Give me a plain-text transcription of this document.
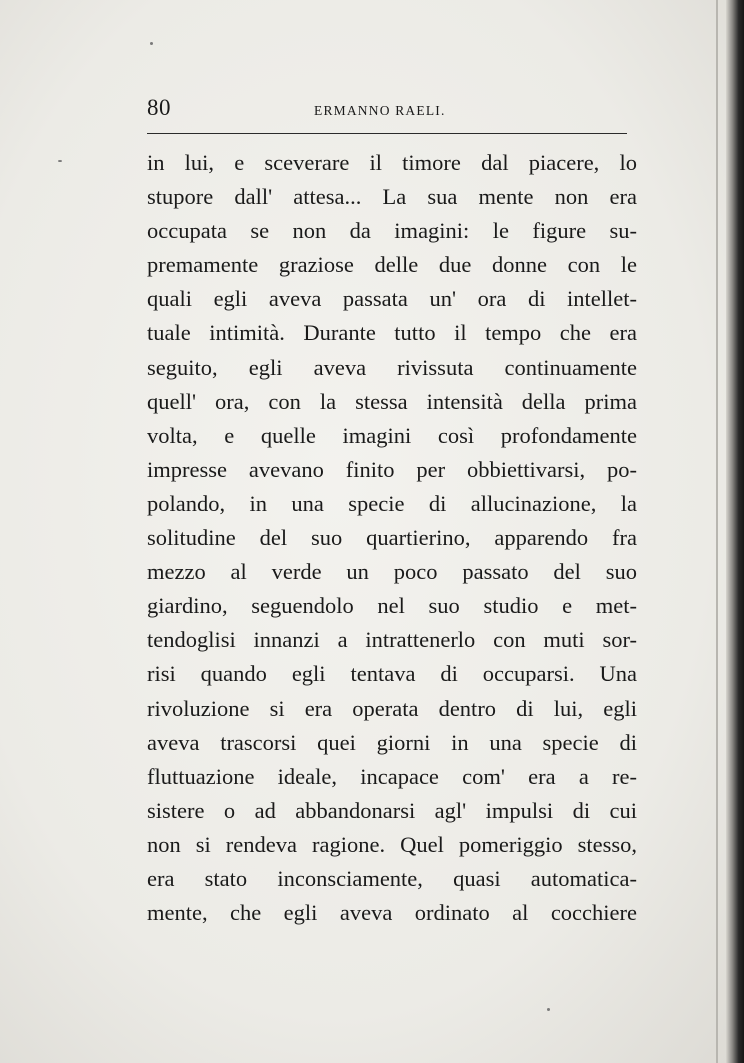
80	ERMANNO RAELI.
in lui, e sceverare il timore dal piacere, lo
stupore dall' attesa... La sua mente non era
occupata se non da imagini: le figure su-
premamente graziose delle due donne con le
quali egli aveva passata un' ora di intellet-
tuale intimità. Durante tutto il tempo che era
seguito, egli aveva rivissuta continuamente
quell' ora, con la stessa intensità della prima
volta, e quelle imagini così profondamente
impresse avevano finito per obbiettivarsi, po-
polando, in una specie di allucinazione, la
solitudine del suo quartierino, apparendo fra
mezzo al verde un poco passato del suo
giardino, seguendolo nel suo studio e met-
tendoglisi innanzi a intrattenerlo con muti sor-
risi quando egli tentava di occuparsi. Una
rivoluzione si era operata dentro di lui, egli
aveva trascorsi quei giorni in una specie di
fluttuazione ideale, incapace com' era a re-
sistere o ad abbandonarsi agl' impulsi di cui
non si rendeva ragione. Quel pomeriggio stesso,
era stato inconsciamente, quasi automatica-
mente, che egli aveva ordinato al cocchiere
